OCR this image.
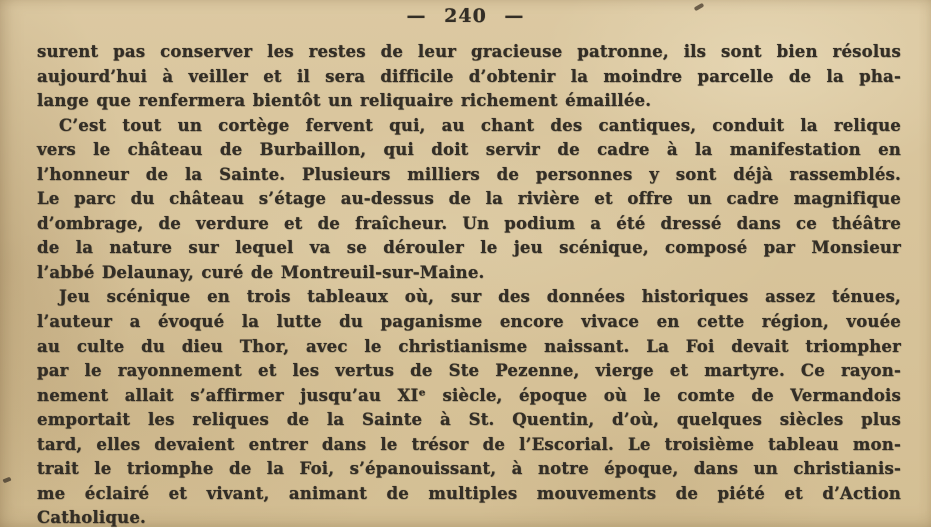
— 240 —
surent pas conserver les restes de leur gracieuse patronne, ils sont bien résolus
aujourd’hui à veiller et il sera difficile d’obtenir la moindre parcelle de la pha-
lange que renfermera bientôt un reliquaire richement émaillée.
C’est tout un cortège fervent qui, au chant des cantiques, conduit la relique
vers le château de Burbaillon, qui doit servir de cadre à la manifestation en
l’honneur de la Sainte. Plusieurs milliers de personnes y sont déjà rassemblés.
Le parc du château s’étage au-dessus de la rivière et offre un cadre magnifique
d’ombrage, de verdure et de fraîcheur. Un podium a été dressé dans ce théâtre
de la nature sur lequel va se dérouler le jeu scénique, composé par Monsieur
l’abbé Delaunay, curé de Montreuil-sur-Maine.
Jeu scénique en trois tableaux où, sur des données historiques assez ténues,
l’auteur a évoqué la lutte du paganisme encore vivace en cette région, vouée
au culte du dieu Thor, avec le christianisme naissant. La Foi devait triompher
par le rayonnement et les vertus de Ste Pezenne, vierge et martyre. Ce rayon-
nement allait s’affirmer jusqu’au XIᵉ siècle, époque où le comte de Vermandois
emportait les reliques de la Sainte à St. Quentin, d’où, quelques siècles plus
tard, elles devaient entrer dans le trésor de l’Escorial. Le troisième tableau mon-
trait le triomphe de la Foi, s’épanouissant, à notre époque, dans un christianis-
me éclairé et vivant, animant de multiples mouvements de piété et d’Action
Catholique.
